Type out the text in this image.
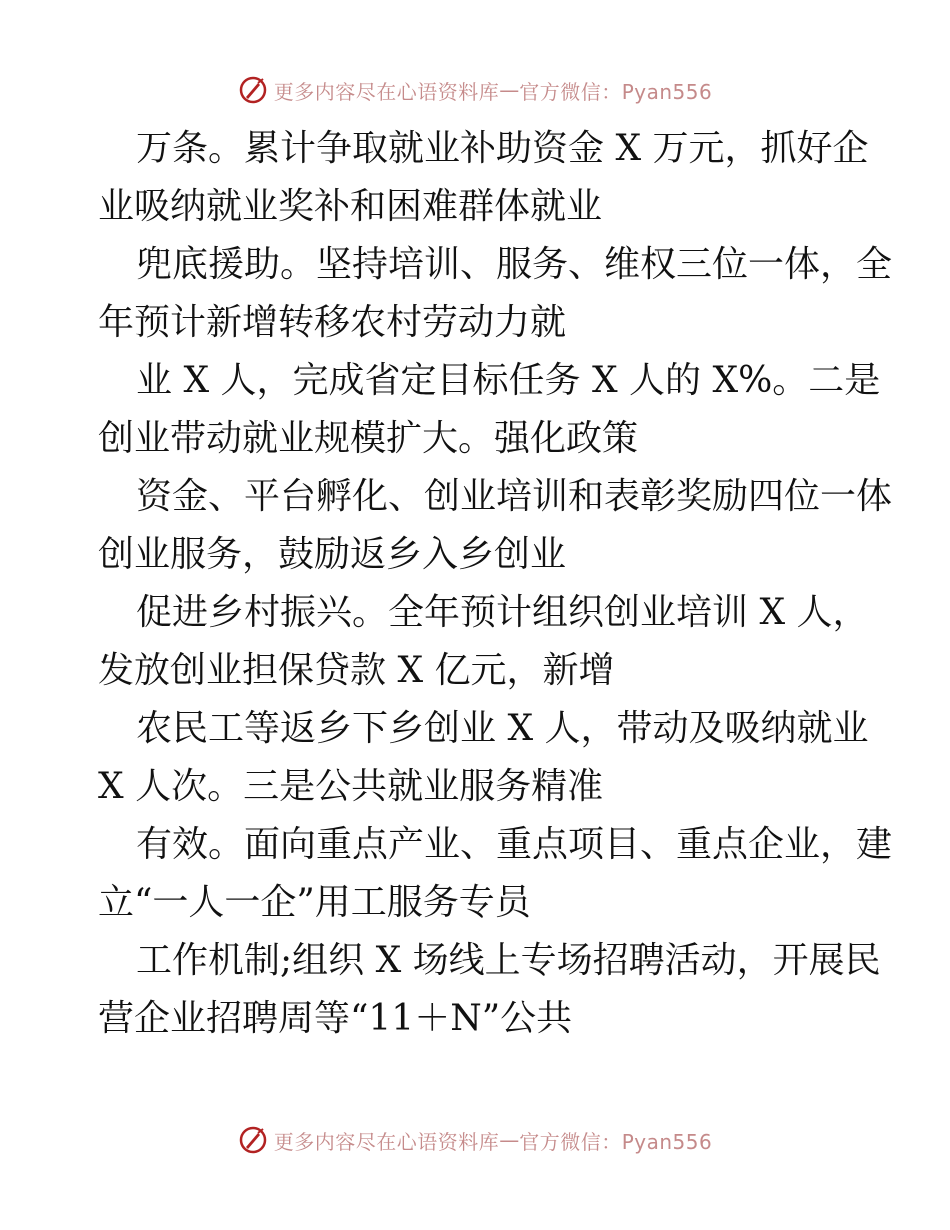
更多内容尽在心语资料库 — 官方微信：Pyan556
万条。累计争取就业补助资金 X 万元，抓好企
业吸纳就业奖补和困难群体就业
兜底援助。坚持培训、服务、维权三位一体，全
年预计新增转移农村劳动力就
业 X 人，完成省定目标任务 X 人的 X%。二是
创业带动就业规模扩大。强化政策
资金、平台孵化、创业培训和表彰奖励四位一体
创业服务，鼓励返乡入乡创业
促进乡村振兴。全年预计组织创业培训 X 人，
发放创业担保贷款 X 亿元，新增
农民工等返乡下乡创业 X 人，带动及吸纳就业
X 人次。三是公共就业服务精准
有效。面向重点产业、重点项目、重点企业，建
立“一人一企”用工服务专员
工作机制;组织 X 场线上专场招聘活动，开展民
营企业招聘周等“11＋N”公共
更多内容尽在心语资料库 — 官方微信：Pyan556
